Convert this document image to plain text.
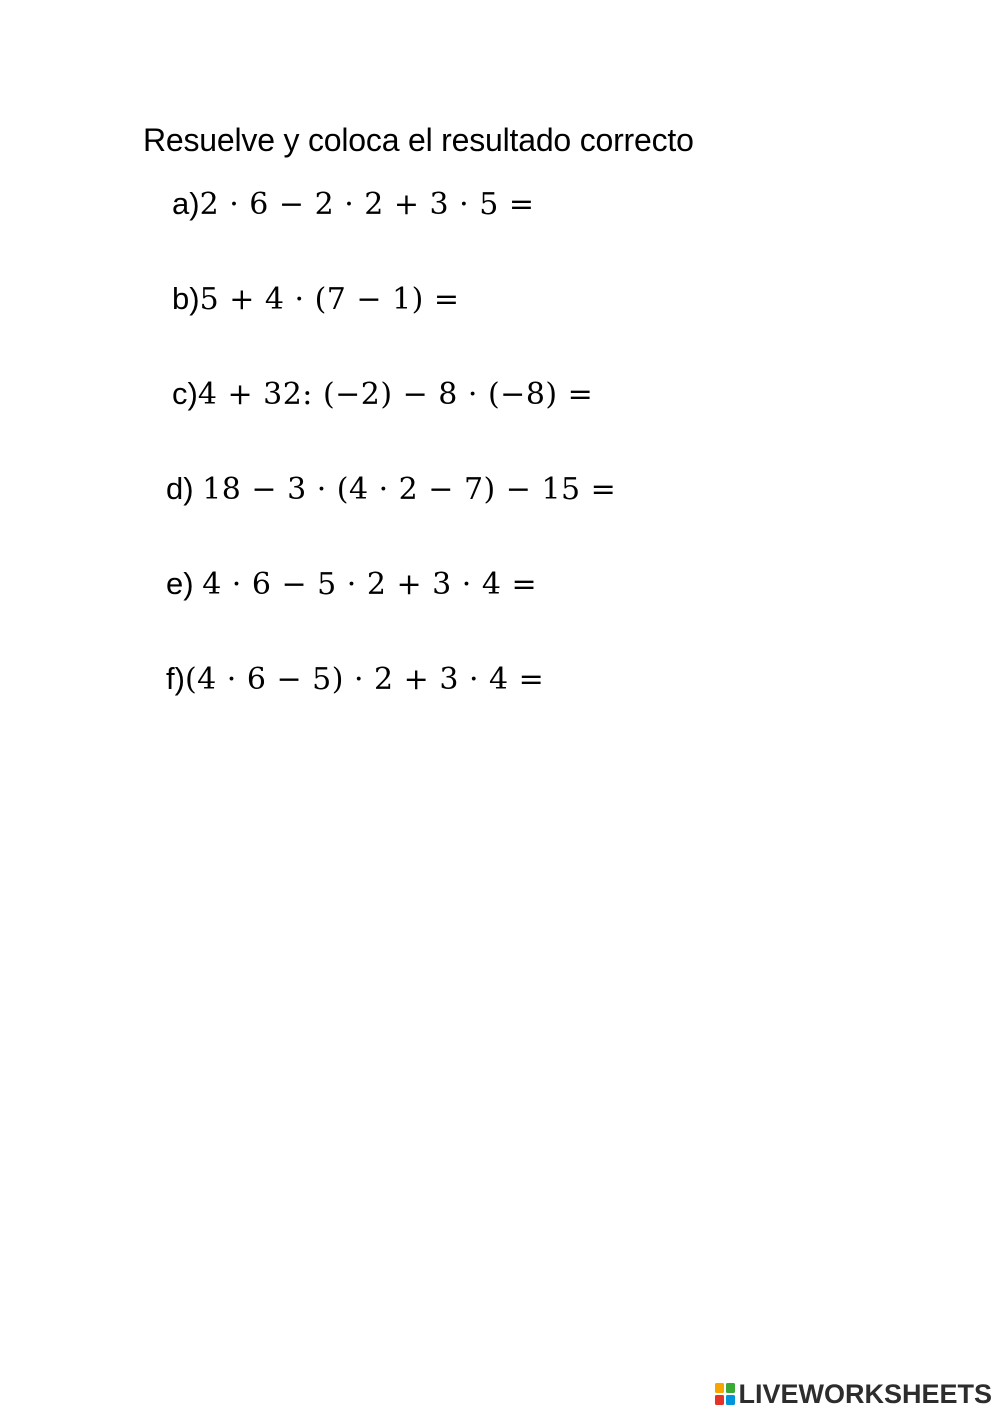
Resuelve y coloca el resultado correcto
a)2 · 6 − 2 · 2 + 3 · 5 =
b)5 + 4 · (7 − 1) =
c)4 + 32: (−2) − 8 · (−8) =
d) 18 − 3 · (4 · 2 − 7) − 15 =
e) 4 · 6 − 5 · 2 + 3 · 4 =
f)(4 · 6 − 5) · 2 + 3 · 4 =
LIVEWORKSHEETS
